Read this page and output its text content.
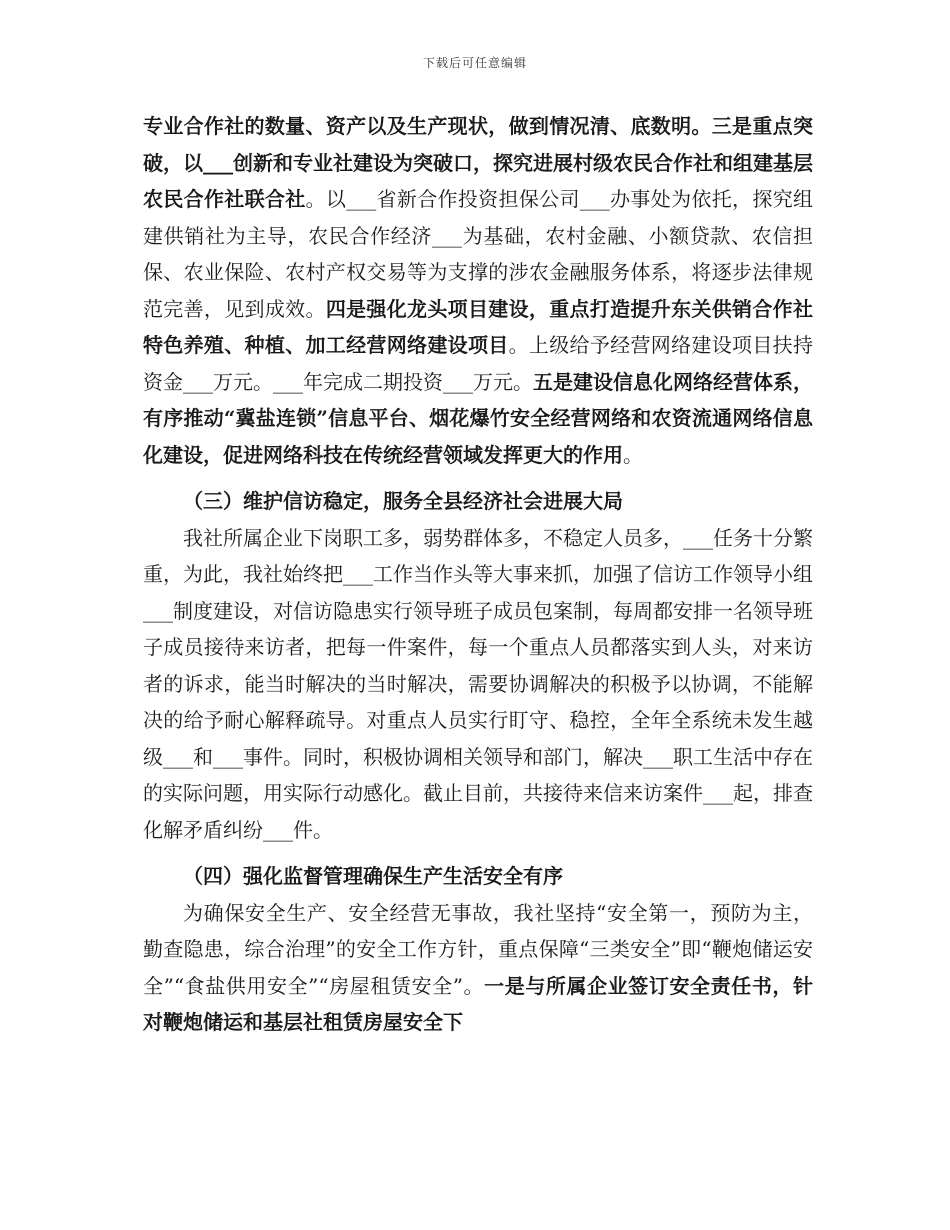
下载后可任意编辑

专业合作社的数量、资产以及生产现状，做到情况清、底数明。三是重点突破，以___创新和专业社建设为突破口，探究进展村级农民合作社和组建基层农民合作社联合社。以___省新合作投资担保公司___办事处为依托，探究组建供销社为主导，农民合作经济___为基础，农村金融、小额贷款、农信担保、农业保险、农村产权交易等为支撑的涉农金融服务体系，将逐步法律规范完善，见到成效。四是强化龙头项目建设，重点打造提升东关供销合作社特色养殖、种植、加工经营网络建设项目。上级给予经营网络建设项目扶持资金___万元。___年完成二期投资___万元。五是建设信息化网络经营体系，有序推动“冀盐连锁”信息平台、烟花爆竹安全经营网络和农资流通网络信息化建设，促进网络科技在传统经营领域发挥更大的作用。

（三）维护信访稳定，服务全县经济社会进展大局

我社所属企业下岗职工多，弱势群体多，不稳定人员多，___任务十分繁重，为此，我社始终把___工作当作头等大事来抓，加强了信访工作领导小组___制度建设，对信访隐患实行领导班子成员包案制，每周都安排一名领导班子成员接待来访者，把每一件案件，每一个重点人员都落实到人头，对来访者的诉求，能当时解决的当时解决，需要协调解决的积极予以协调，不能解决的给予耐心解释疏导。对重点人员实行盯守、稳控，全年全系统未发生越级___和___事件。同时，积极协调相关领导和部门，解决___职工生活中存在的实际问题，用实际行动感化。截止目前，共接待来信来访案件___起，排查化解矛盾纠纷___件。

（四）强化监督管理确保生产生活安全有序

为确保安全生产、安全经营无事故，我社坚持“安全第一，预防为主，勤查隐患，综合治理”的安全工作方针，重点保障“三类安全”即“鞭炮储运安全”“食盐供用安全”“房屋租赁安全”。一是与所属企业签订安全责任书，针对鞭炮储运和基层社租赁房屋安全下
